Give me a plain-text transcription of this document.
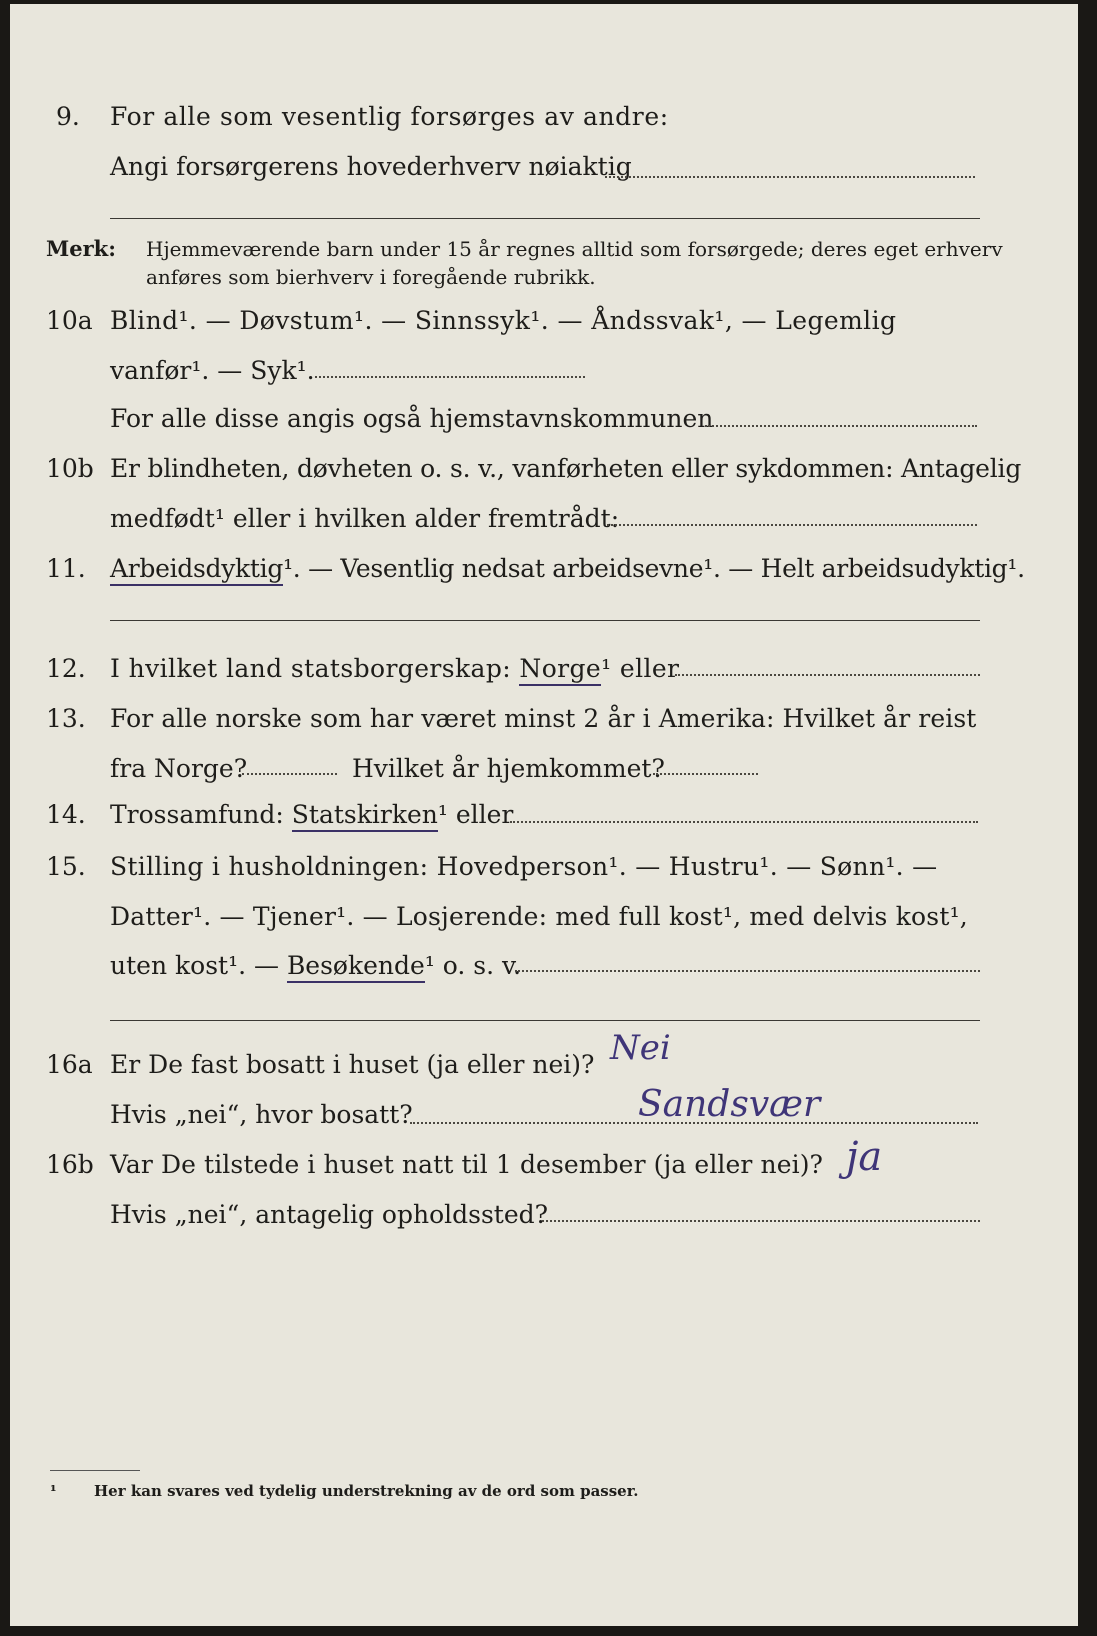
9. For alle som vesentlig forsørges av andre:
Angi forsørgerens hovederhverv nøiaktig
Merk: Hjemmeværende barn under 15 år regnes alltid som forsørgede; deres eget erhverv
anføres som bierhverv i foregående rubrikk.
10a Blind¹. — Døvstum¹. — Sinnssyk¹. — Åndssvak¹, — Legemlig
vanfør¹. — Syk¹.
For alle disse angis også hjemstavnskommunen
10b Er blindheten, døvheten o. s. v., vanførheten eller sykdommen: Antagelig
medfødt¹ eller i hvilken alder fremtrådt:
11. Arbeidsdyktig¹. — Vesentlig nedsat arbeidsevne¹. — Helt arbeidsudyktig¹.
12. I hvilket land statsborgerskap: Norge¹ eller
13. For alle norske som har været minst 2 år i Amerika: Hvilket år reist
fra Norge?	Hvilket år hjemkommet?
14. Trossamfund: Statskirken¹ eller
15. Stilling i husholdningen: Hovedperson¹. — Hustru¹. — Sønn¹. —
Datter¹. — Tjener¹. — Losjerende: med full kost¹, med delvis kost¹,
uten kost¹. — Besøkende¹ o. s. v.
16a Er De fast bosatt i huset (ja eller nei)? Nei
Hvis „nei“, hvor bosatt?	Sandsvær
16b Var De tilstede i huset natt til 1 desember (ja eller nei)? ja
Hvis „nei“, antagelig opholdssted?
¹ Her kan svares ved tydelig understrekning av de ord som passer.
